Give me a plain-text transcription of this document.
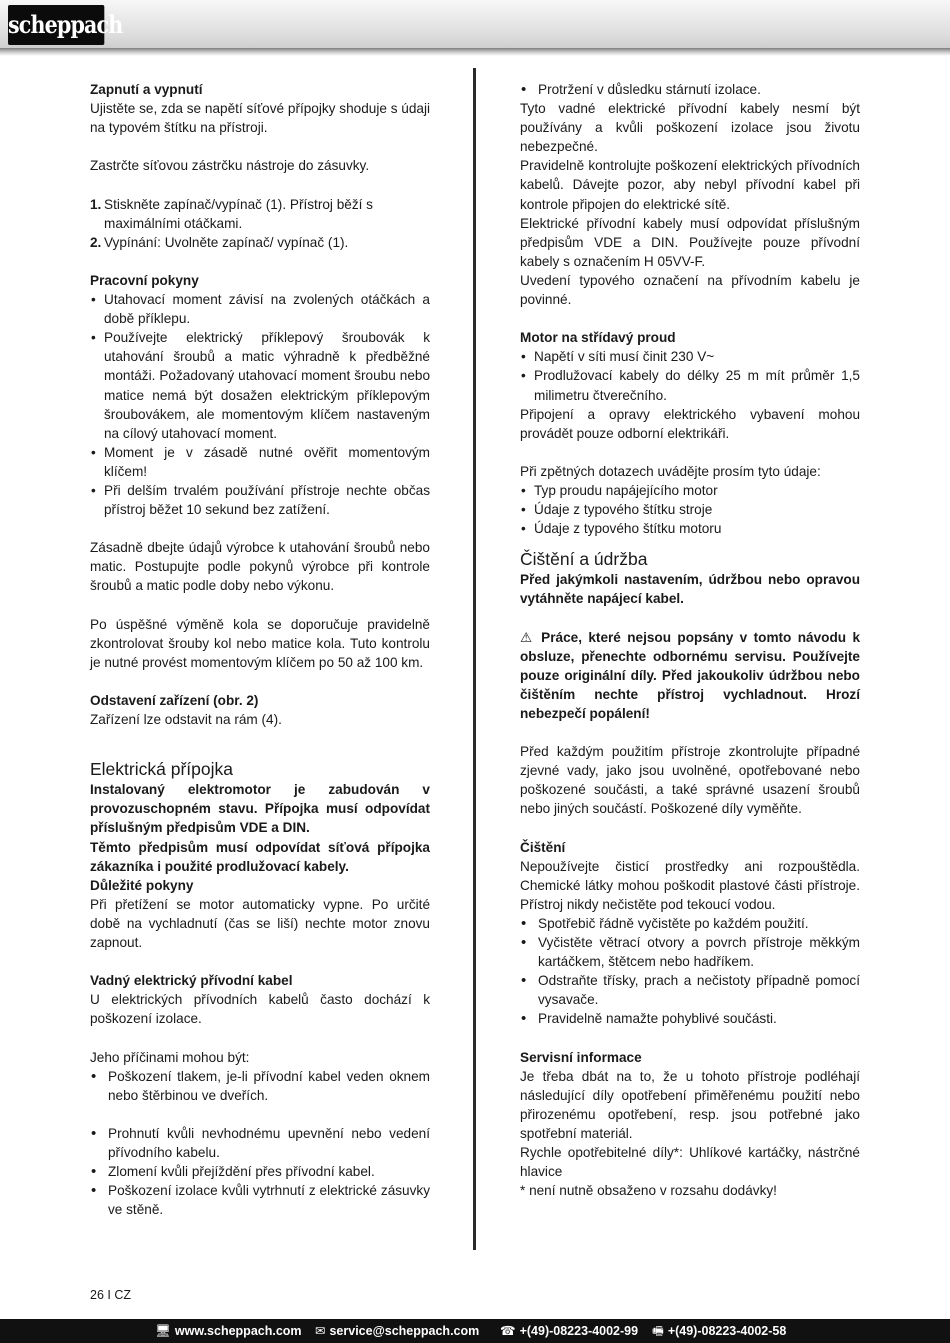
scheppach

Zapnutí a vypnutí

Ujistěte se, zda se napětí síťové přípojky shoduje s údaji na typovém štítku na přístroji.

Zastrčte síťovou zástrčku nástroje do zásuvky.

1. Stiskněte zapínač/vypínač (1). Přístroj běží s maximálními otáčkami.
2. Vypínání: Uvolněte zapínač/ vypínač (1).

Pracovní pokyny

• Utahovací moment závisí na zvolených otáčkách a době příklepu.
• Používejte elektrický příklepový šroubovák k utahování šroubů a matic výhradně k předběžné montáži. Požadovaný utahovací moment šroubu nebo matice nemá být dosažen elektrickým příklepovým šroubovákem, ale momentovým klíčem nastaveným na cílový utahovací moment.
• Moment je v zásadě nutné ověřit momentovým klíčem!
• Při delším trvalém používání přístroje nechte občas přístroj běžet 10 sekund bez zatížení.

Zásadně dbejte údajů výrobce k utahování šroubů nebo matic. Postupujte podle pokynů výrobce při kontrole šroubů a matic podle doby nebo výkonu.

Po úspěšné výměně kola se doporučuje pravidelně zkontrolovat šrouby kol nebo matice kola. Tuto kontrolu je nutné provést momentovým klíčem po 50 až 100 km.

Odstavení zařízení (obr. 2)

Zařízení lze odstavit na rám (4).

Elektrická přípojka

Instalovaný elektromotor je zabudován v provozuschopném stavu. Přípojka musí odpovídat příslušným předpisům VDE a DIN.

Těmto předpisům musí odpovídat síťová přípojka zákazníka i použité prodlužovací kabely.

Důležité pokyny

Při přetížení se motor automaticky vypne. Po určité době na vychladnutí (čas se liší) nechte motor znovu zapnout.

Vadný elektrický přívodní kabel

U elektrických přívodních kabelů často dochází k poškození izolace.

Jeho příčinami mohou být:

• Poškození tlakem, je-li přívodní kabel veden oknem nebo štěrbinou ve dveřích.
• Prohnutí kvůli nevhodnému upevnění nebo vedení přívodního kabelu.
• Zlomení kvůli přejíždění přes přívodní kabel.
• Poškození izolace kvůli vytrhnutí z elektrické zásuvky ve stěně.
• Protržení v důsledku stárnutí izolace.

Tyto vadné elektrické přívodní kabely nesmí být používány a kvůli poškození izolace jsou životu nebezpečné.

Pravidelně kontrolujte poškození elektrických přívodních kabelů. Dávejte pozor, aby nebyl přívodní kabel při kontrole připojen do elektrické sítě.

Elektrické přívodní kabely musí odpovídat příslušným předpisům VDE a DIN. Používejte pouze přívodní kabely s označením H 05VV-F.

Uvedení typového označení na přívodním kabelu je povinné.

Motor na střídavý proud

• Napětí v síti musí činit 230 V~
• Prodlužovací kabely do délky 25 m mít průměr 1,5 milimetru čtverečního.

Připojení a opravy elektrického vybavení mohou provádět pouze odborní elektrikáři.

Při zpětných dotazech uvádějte prosím tyto údaje:

• Typ proudu napájejícího motor
• Údaje z typového štítku stroje
• Údaje z typového štítku motoru

Čištění a údržba

Před jakýmkoli nastavením, údržbou nebo opravou vytáhněte napájecí kabel.

⚠ Práce, které nejsou popsány v tomto návodu k obsluze, přenechte odbornému servisu. Používejte pouze originální díly. Před jakoukoliv údržbou nebo čištěním nechte přístroj vychladnout. Hrozí nebezpečí popálení!

Před každým použitím přístroje zkontrolujte případné zjevné vady, jako jsou uvolněné, opotřebované nebo poškozené součásti, a také správné usazení šroubů nebo jiných součástí. Poškozené díly vyměňte.

Čištění

Nepoužívejte čisticí prostředky ani rozpouštědla. Chemické látky mohou poškodit plastové části přístroje. Přístroj nikdy nečistěte pod tekoucí vodou.

• Spotřebič řádně vyčistěte po každém použití.
• Vyčistěte větrací otvory a povrch přístroje měkkým kartáčkem, štětcem nebo hadříkem.
• Odstraňte třísky, prach a nečistoty případně pomocí vysavače.
• Pravidelně namažte pohyblivé součásti.

Servisní informace

Je třeba dbát na to, že u tohoto přístroje podléhají následující díly opotřebení přiměřenému použití nebo přirozenému opotřebení, resp. jsou potřebné jako spotřební materiál.

Rychle opotřebitelné díly*: Uhlíkové kartáčky, nástrčné hlavice

* není nutně obsaženo v rozsahu dodávky!

26 I CZ
🖥 www.scheppach.com ✉ service@scheppach.com ☎ +(49)-08223-4002-99 🖷 +(49)-08223-4002-58
